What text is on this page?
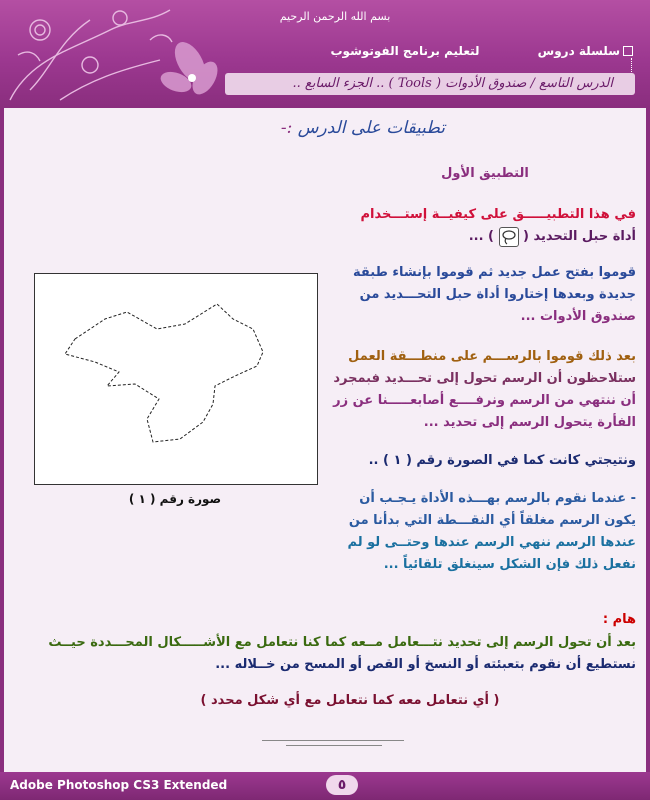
بسم الله الرحمن الرحيم
سلسلة دروس
لتعليم برنامج الفوتوشوب
الدرس التاسع / صندوق الأدوات ( Tools ) .. الجزء السابع ..
تطبيقات على الدرس :-
التطبيق الأول
في هذا التطبيـــــق على كيفيــة إستـــخدام
أداة حبل التحديد (  ) ...
قوموا بفتح عمل جديد ثم قوموا بإنشاء طبقة
جديدة وبعدها إختاروا أداة حبل التحـــديد من
صندوق الأدوات ...
بعد ذلك قوموا بالرســـم على منطـــقة العمل
ستلاحظون أن الرسم تحول إلى تحـــديد فبمجرد
أن ننتهي من الرسم ونرفــــع أصابعـــــنا عن زر
الفأرة يتحول الرسم إلى تحديد ...
ونتيجتي كانت كما في الصورة رقم ( ١ ) ..
- عندما نقوم بالرسم بهـــذه الأداة يـجـب أن
يكون الرسم مغلقاً أي النقـــطة التي بدأنا من
عندها الرسم ننهي الرسم عندها وحتــى لو لم
نفعل ذلك فإن الشكل سينغلق تلقائياً ...
بعد أن تحول الرسم إلى تحديد نتـــعامل مــعه كما كنا نتعامل مع الأشـــــكال المحـــددة حيــث
نستطيع أن نقوم بتعبئته أو النسخ أو القص أو المسح من خــلاله ...
صورة رقم ( ١ )
هام :
( أي نتعامل معه كما نتعامل مع أي شكل محدد )
Adobe Photoshop CS3 Extended	٥
